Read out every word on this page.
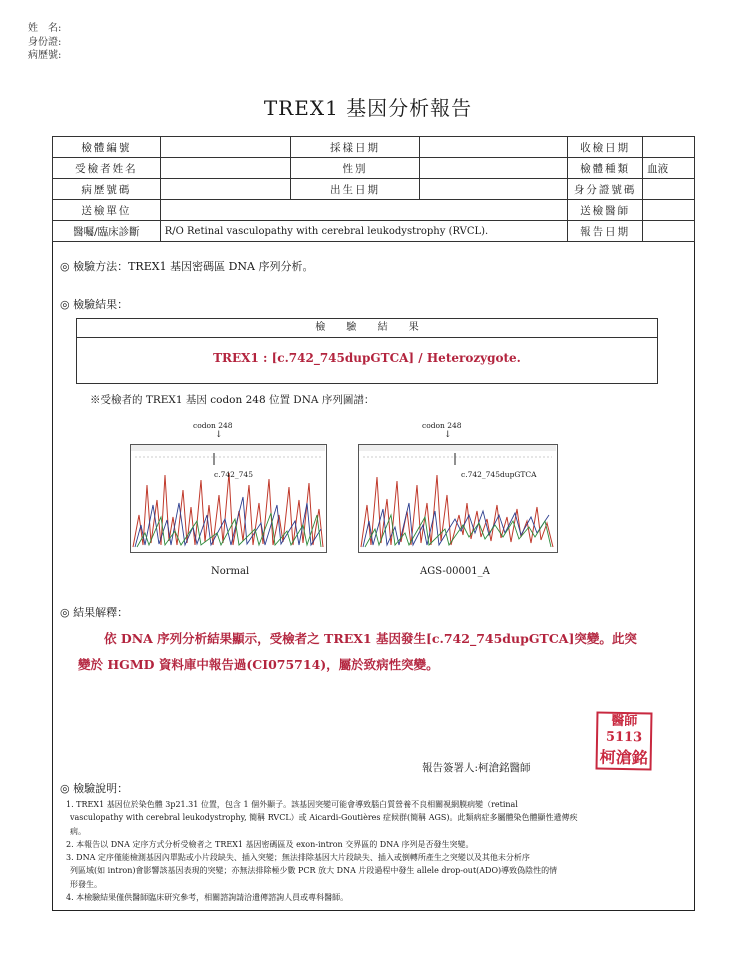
姓　名:
身份證:
病歷號:
TREX1 基因分析報告
檢體編號		採樣日期		收檢日期	
受檢者姓名		性別		檢體種類	血液
病歷號碼		出生日期		身分證號碼	
送檢單位				送檢醫師	
醫囑/臨床診斷	R/O Retinal vasculopathy with cerebral leukodystrophy (RVCL).			報告日期	
◎ 檢驗方法：TREX1 基因密碼區 DNA 序列分析。
◎ 檢驗結果：
檢 驗 結 果
TREX1 : [c.742_745dupGTCA] / Heterozygote.
※受檢者的 TREX1 基因 codon 248 位置 DNA 序列圖譜：
codon 248
↓
c.742_745
Normal
codon 248
↓
c.742_745dupGTCA
AGS-00001_A
◎ 結果解釋：
依 DNA 序列分析結果顯示，受檢者之 TREX1 基因發生[c.742_745dupGTCA]突變。此突
變於 HGMD 資料庫中報告過(CI075714)，屬於致病性突變。
醫師5113
柯滄銘
報告簽署人:柯滄銘醫師
◎ 檢驗說明：

1. TREX1 基因位於染色體 3p21.31 位置，包含 1 個外顯子。該基因突變可能會導致腦白質營養不良相關視網膜病變（retinal

vasculopathy with cerebral leukodystrophy, 簡稱 RVCL）或 Aicardi-Goutières 症候群(簡稱 AGS)。此類病症多屬體染色體顯性遺傳疾

病。

2. 本報告以 DNA 定序方式分析受檢者之 TREX1 基因密碼區及 exon-intron 交界區的 DNA 序列是否發生突變。

3. DNA 定序僅能檢測基因內單點或小片段缺失、插入突變；無法排除基因大片段缺失、插入或倒轉所產生之突變以及其他未分析序

列區域(如 intron)會影響該基因表現的突變；亦無法排除極少數 PCR 放大 DNA 片段過程中發生 allele drop-out(ADO)導致偽陰性的情

形發生。

4. 本檢驗結果僅供醫師臨床研究參考，相關諮詢請洽遺傳諮詢人員或專科醫師。
